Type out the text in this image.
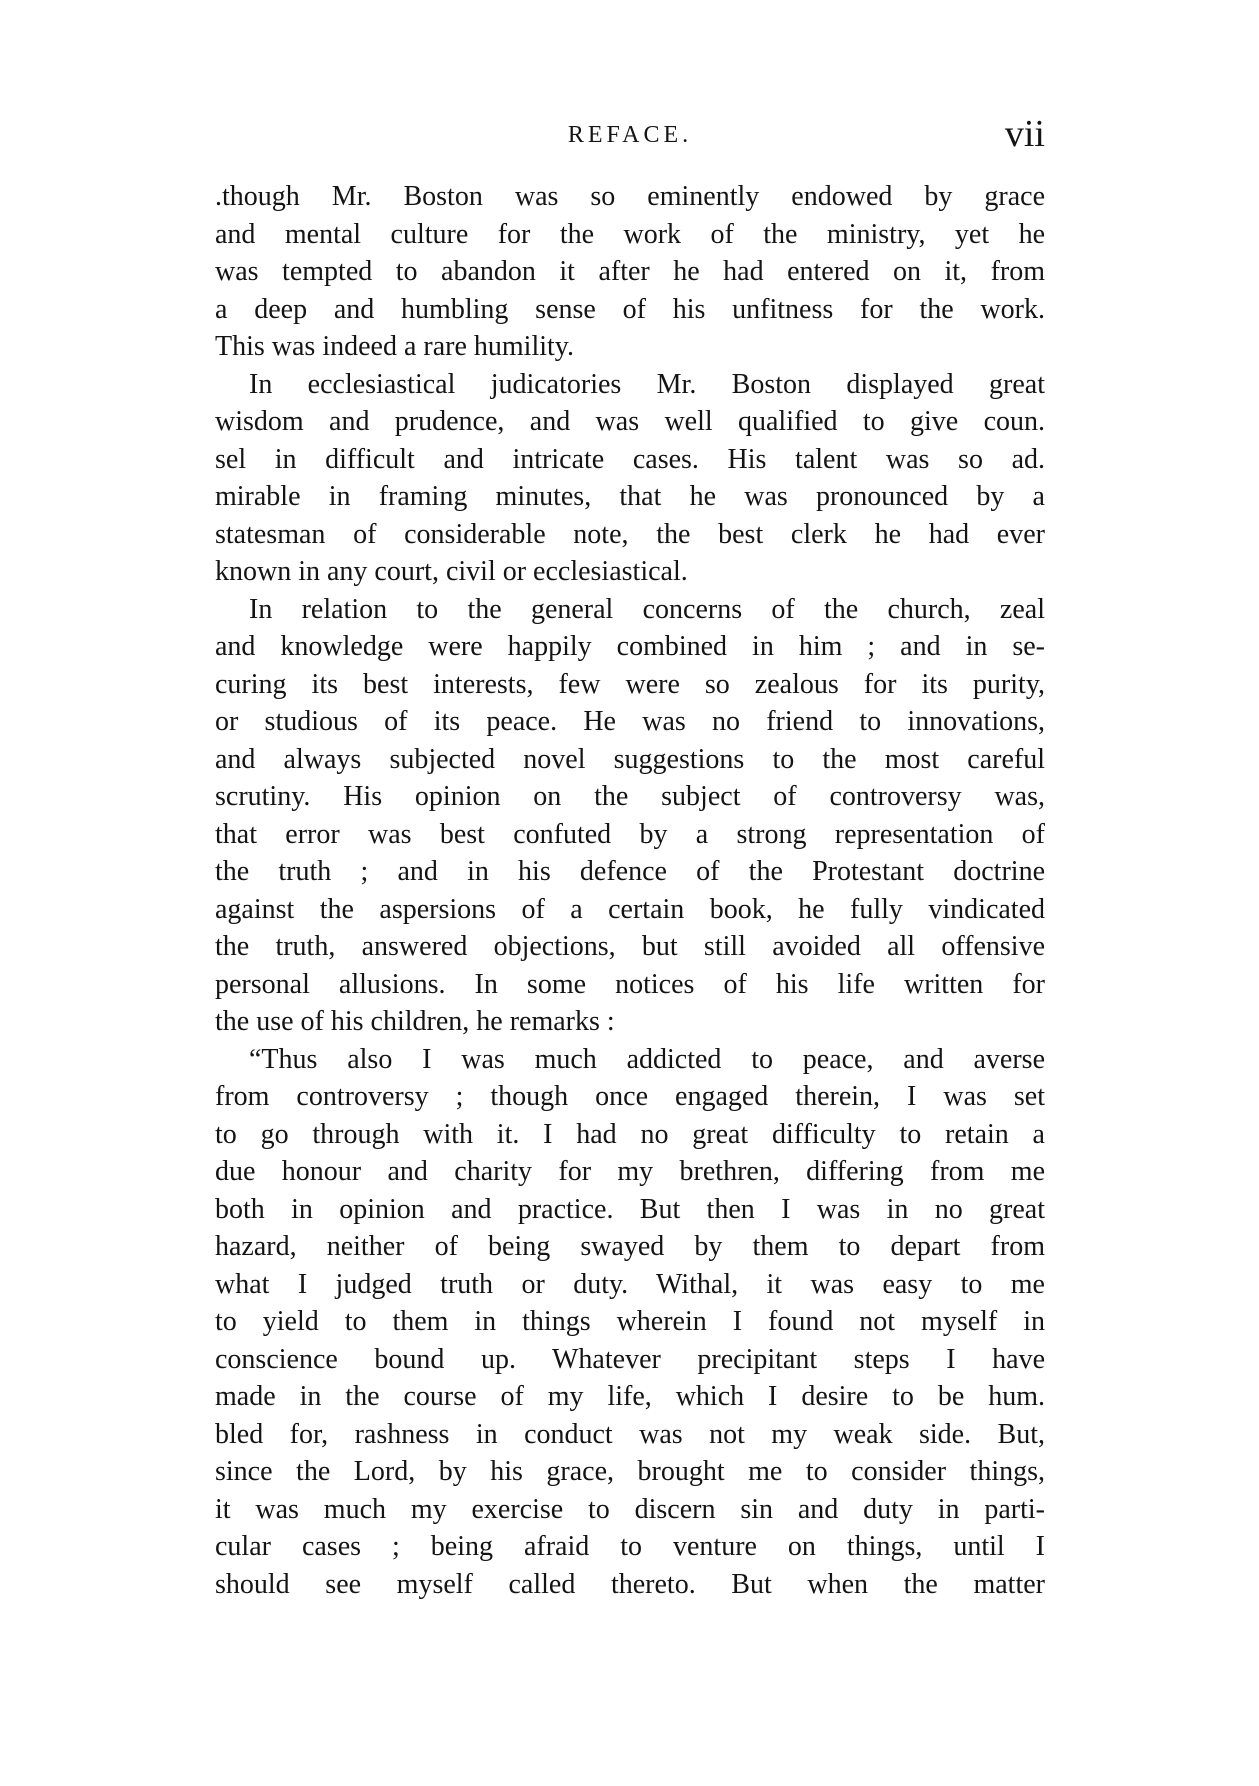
REFACE.	vii
.though Mr. Boston was so eminently endowed by grace
and mental culture for the work of the ministry, yet he
was tempted to abandon it after he had entered on it, from
a deep and humbling sense of his unfitness for the work.
This was indeed a rare humility.
In ecclesiastical judicatories Mr. Boston displayed great
wisdom and prudence, and was well qualified to give coun.
sel in difficult and intricate cases. His talent was so ad.
mirable in framing minutes, that he was pronounced by a
statesman of considerable note, the best clerk he had ever
known in any court, civil or ecclesiastical.
In relation to the general concerns of the church, zeal
and knowledge were happily combined in him ; and in se-
curing its best interests, few were so zealous for its purity,
or studious of its peace. He was no friend to innovations,
and always subjected novel suggestions to the most careful
scrutiny. His opinion on the subject of controversy was,
that error was best confuted by a strong representation of
the truth ; and in his defence of the Protestant doctrine
against the aspersions of a certain book, he fully vindicated
the truth, answered objections, but still avoided all offensive
personal allusions. In some notices of his life written for
the use of his children, he remarks :
“Thus also I was much addicted to peace, and averse
from controversy ; though once engaged therein, I was set
to go through with it. I had no great difficulty to retain a
due honour and charity for my brethren, differing from me
both in opinion and practice. But then I was in no great
hazard, neither of being swayed by them to depart from
what I judged truth or duty. Withal, it was easy to me
to yield to them in things wherein I found not myself in
conscience bound up. Whatever precipitant steps I have
made in the course of my life, which I desire to be hum.
bled for, rashness in conduct was not my weak side. But,
since the Lord, by his grace, brought me to consider things,
it was much my exercise to discern sin and duty in parti-
cular cases ; being afraid to venture on things, until I
should see myself called thereto. But when the matter
